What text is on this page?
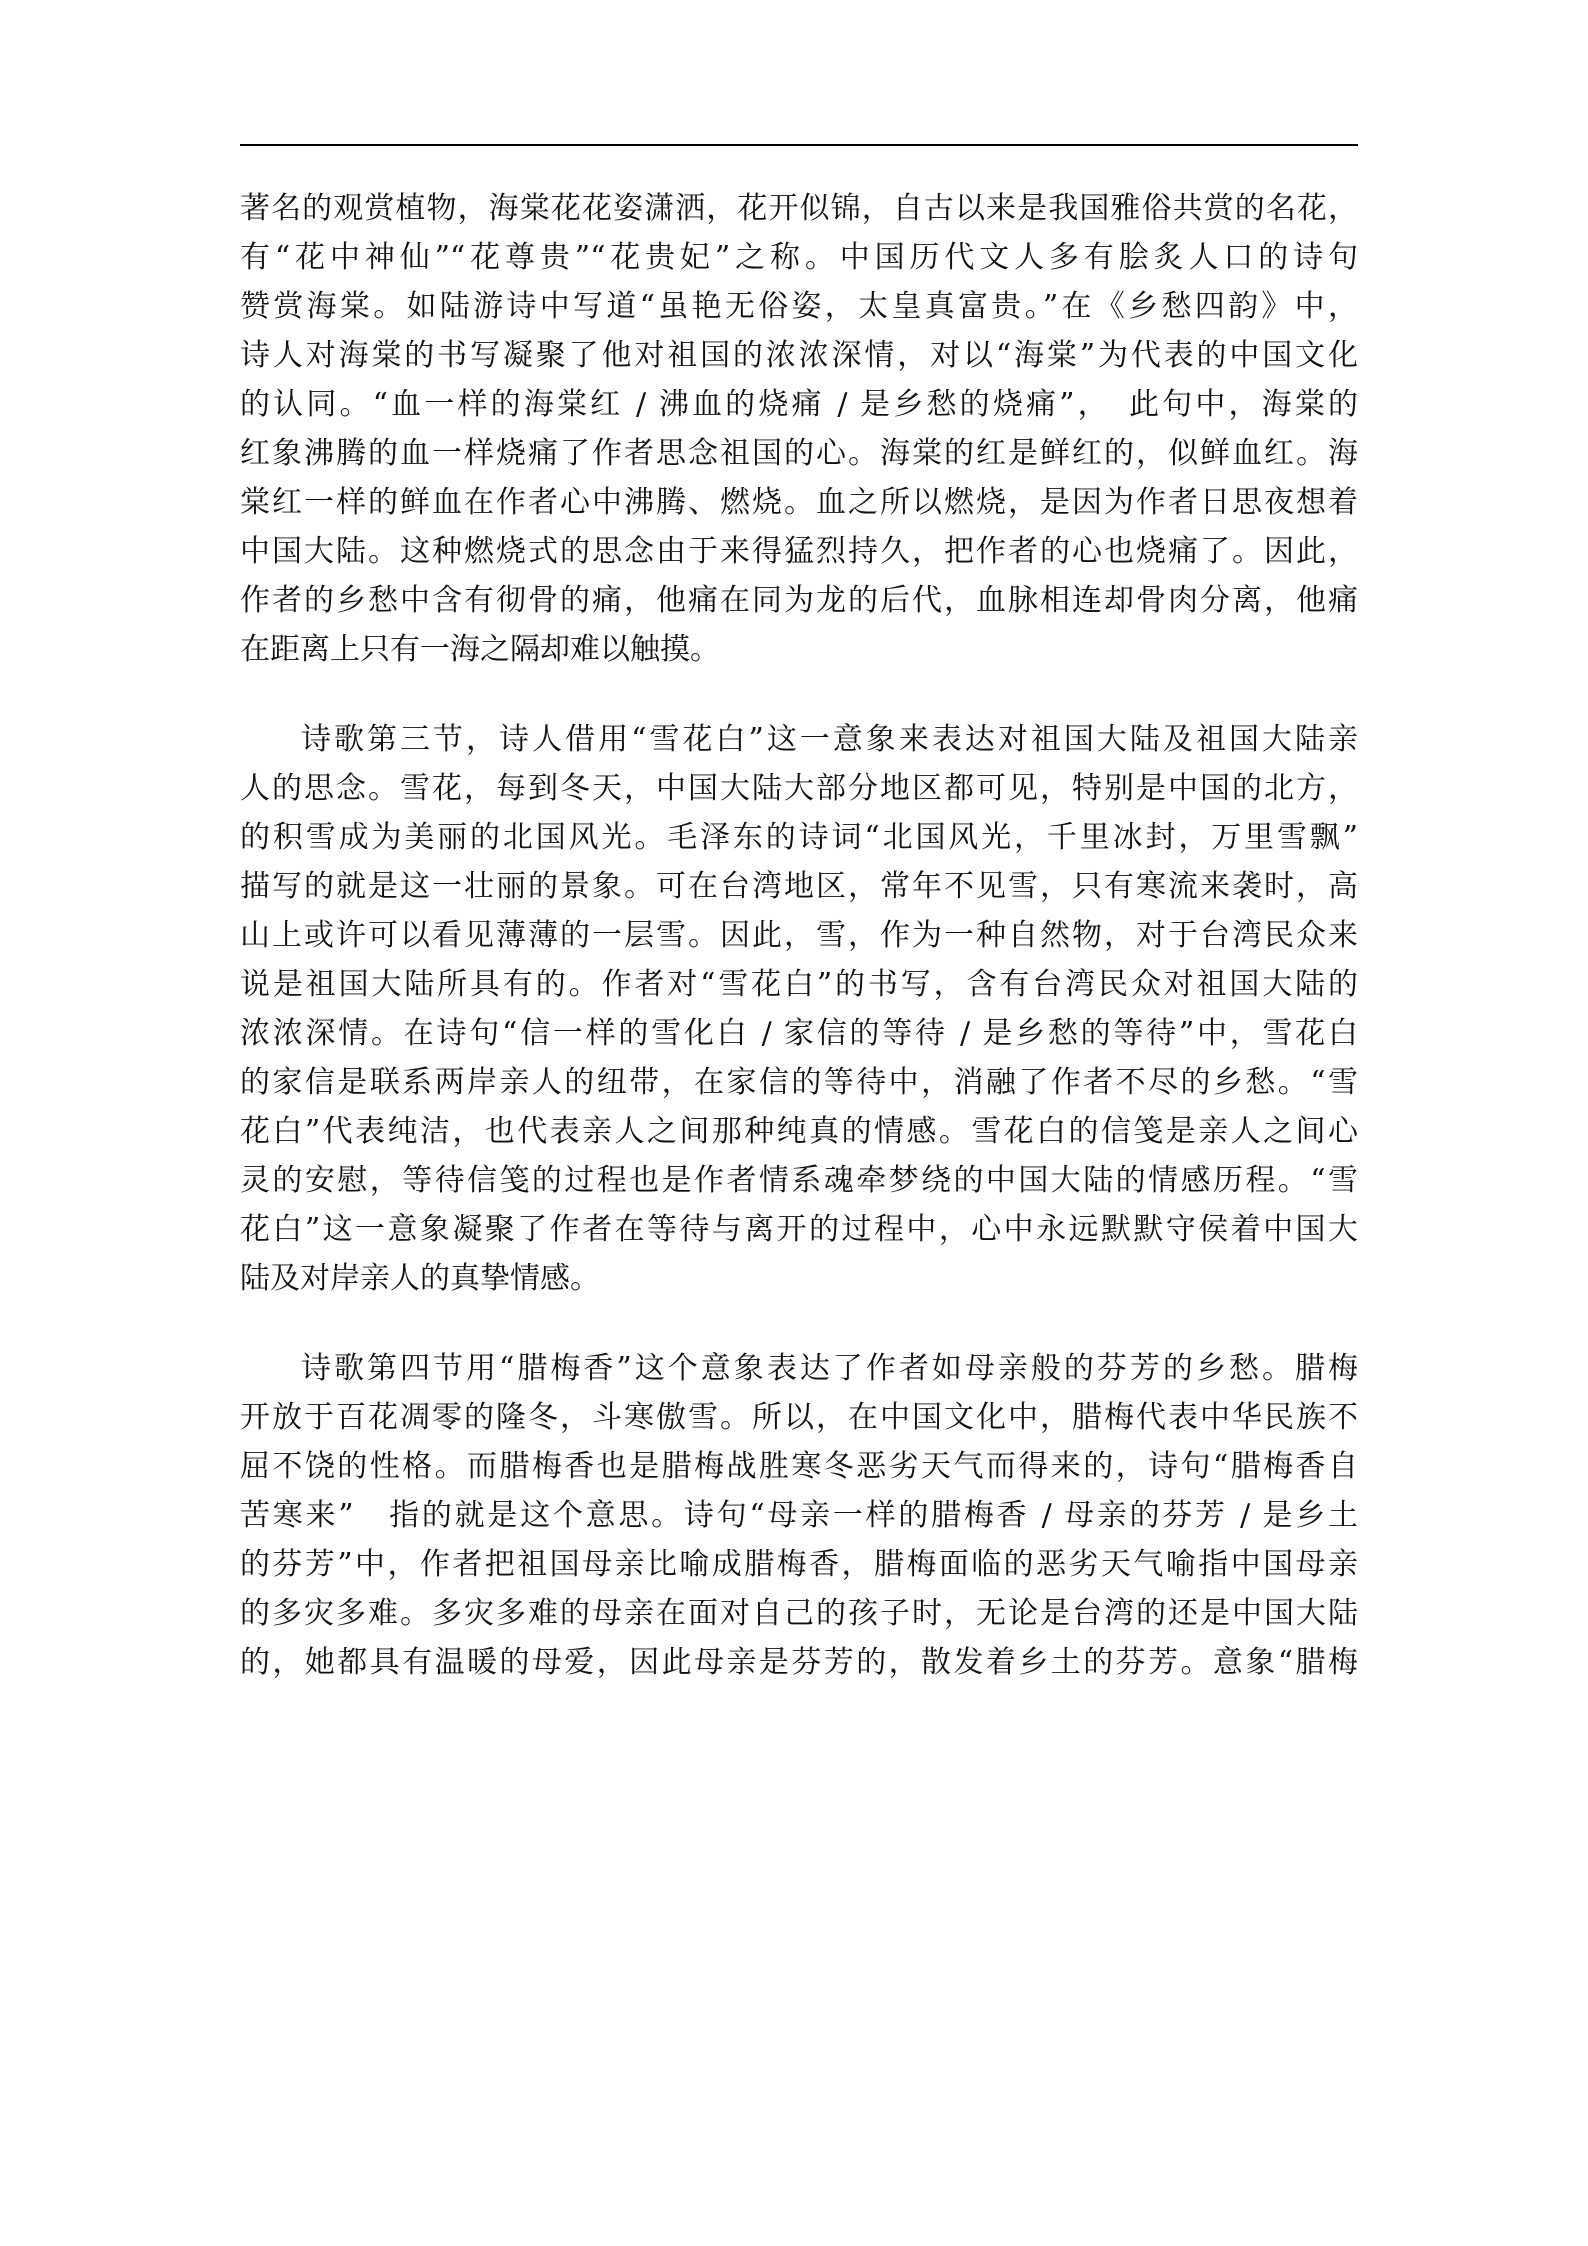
著名的观赏植物，海棠花花姿潇洒，花开似锦，自古以来是我国雅俗共赏的名花，
有“花中神仙”“花尊贵”“花贵妃”之称。中国历代文人多有脍炙人口的诗句
赞赏海棠。如陆游诗中写道“虽艳无俗姿，太皇真富贵。”在《乡愁四韵》中，
诗人对海棠的书写凝聚了他对祖国的浓浓深情，对以“海棠”为代表的中国文化
的认同。“血一样的海棠红 / 沸血的烧痛 / 是乡愁的烧痛”，　此句中，海棠的
红象沸腾的血一样烧痛了作者思念祖国的心。海棠的红是鲜红的，似鲜血红。海
棠红一样的鲜血在作者心中沸腾、燃烧。血之所以燃烧，是因为作者日思夜想着
中国大陆。这种燃烧式的思念由于来得猛烈持久，把作者的心也烧痛了。因此，
作者的乡愁中含有彻骨的痛，他痛在同为龙的后代，血脉相连却骨肉分离，他痛
在距离上只有一海之隔却难以触摸。
诗歌第三节，诗人借用“雪花白”这一意象来表达对祖国大陆及祖国大陆亲
人的思念。雪花，每到冬天，中国大陆大部分地区都可见，特别是中国的北方，
的积雪成为美丽的北国风光。毛泽东的诗词“北国风光，千里冰封，万里雪飘”
描写的就是这一壮丽的景象。可在台湾地区，常年不见雪，只有寒流来袭时，高
山上或许可以看见薄薄的一层雪。因此，雪，作为一种自然物，对于台湾民众来
说是祖国大陆所具有的。作者对“雪花白”的书写，含有台湾民众对祖国大陆的
浓浓深情。在诗句“信一样的雪化白 / 家信的等待 / 是乡愁的等待”中，雪花白
的家信是联系两岸亲人的纽带，在家信的等待中，消融了作者不尽的乡愁。“雪
花白”代表纯洁，也代表亲人之间那种纯真的情感。雪花白的信笺是亲人之间心
灵的安慰，等待信笺的过程也是作者情系魂牵梦绕的中国大陆的情感历程。“雪
花白”这一意象凝聚了作者在等待与离开的过程中，心中永远默默守侯着中国大
陆及对岸亲人的真挚情感。
诗歌第四节用“腊梅香”这个意象表达了作者如母亲般的芬芳的乡愁。腊梅
开放于百花凋零的隆冬，斗寒傲雪。所以，在中国文化中，腊梅代表中华民族不
屈不饶的性格。而腊梅香也是腊梅战胜寒冬恶劣天气而得来的，诗句“腊梅香自
苦寒来”　指的就是这个意思。诗句“母亲一样的腊梅香 / 母亲的芬芳 / 是乡土
的芬芳”中，作者把祖国母亲比喻成腊梅香，腊梅面临的恶劣天气喻指中国母亲
的多灾多难。多灾多难的母亲在面对自己的孩子时，无论是台湾的还是中国大陆
的，她都具有温暖的母爱，因此母亲是芬芳的，散发着乡土的芬芳。意象“腊梅
